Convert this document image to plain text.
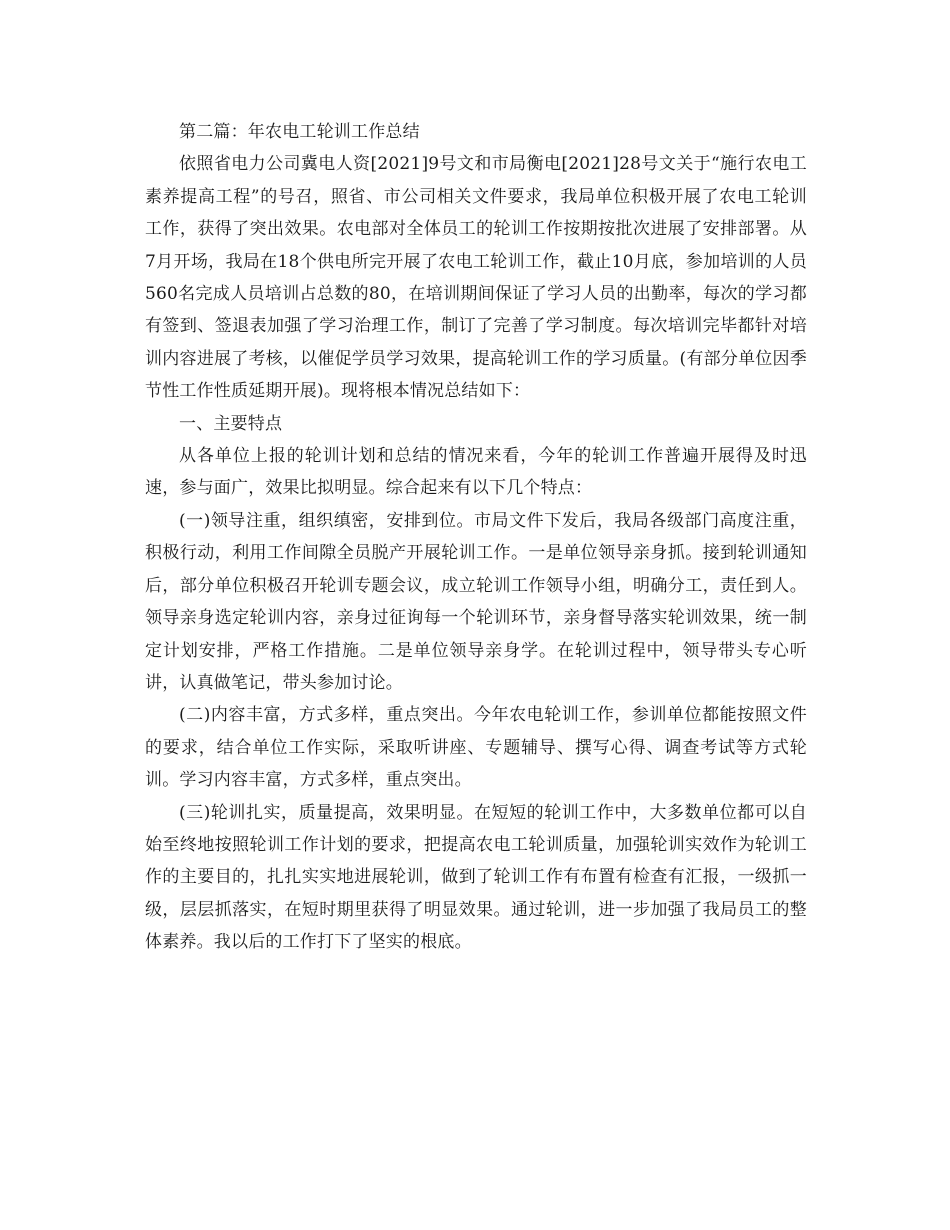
第二篇：年农电工轮训工作总结

依照省电力公司冀电人资[2021]9号文和市局衡电[2021]28号文关于“施行农电工素养提高工程”的号召，照省、市公司相关文件要求，我局单位积极开展了农电工轮训工作，获得了突出效果。农电部对全体员工的轮训工作按期按批次进展了安排部署。从7月开场，我局在18个供电所完开展了农电工轮训工作，截止10月底，参加培训的人员560名完成人员培训占总数的80，在培训期间保证了学习人员的出勤率，每次的学习都有签到、签退表加强了学习治理工作，制订了完善了学习制度。每次培训完毕都针对培训内容进展了考核，以催促学员学习效果，提高轮训工作的学习质量。(有部分单位因季节性工作性质延期开展)。现将根本情况总结如下：

一、主要特点

从各单位上报的轮训计划和总结的情况来看，今年的轮训工作普遍开展得及时迅速，参与面广，效果比拟明显。综合起来有以下几个特点：

(一)领导注重，组织缜密，安排到位。市局文件下发后，我局各级部门高度注重，积极行动，利用工作间隙全员脱产开展轮训工作。一是单位领导亲身抓。接到轮训通知后，部分单位积极召开轮训专题会议，成立轮训工作领导小组，明确分工，责任到人。领导亲身选定轮训内容，亲身过征询每一个轮训环节，亲身督导落实轮训效果，统一制定计划安排，严格工作措施。二是单位领导亲身学。在轮训过程中，领导带头专心听讲，认真做笔记，带头参加讨论。

(二)内容丰富，方式多样，重点突出。今年农电轮训工作，参训单位都能按照文件的要求，结合单位工作实际，采取听讲座、专题辅导、撰写心得、调查考试等方式轮训。学习内容丰富，方式多样，重点突出。

(三)轮训扎实，质量提高，效果明显。在短短的轮训工作中，大多数单位都可以自始至终地按照轮训工作计划的要求，把提高农电工轮训质量，加强轮训实效作为轮训工作的主要目的，扎扎实实地进展轮训，做到了轮训工作有布置有检查有汇报，一级抓一级，层层抓落实，在短时期里获得了明显效果。通过轮训，进一步加强了我局员工的整体素养。我以后的工作打下了坚实的根底。
